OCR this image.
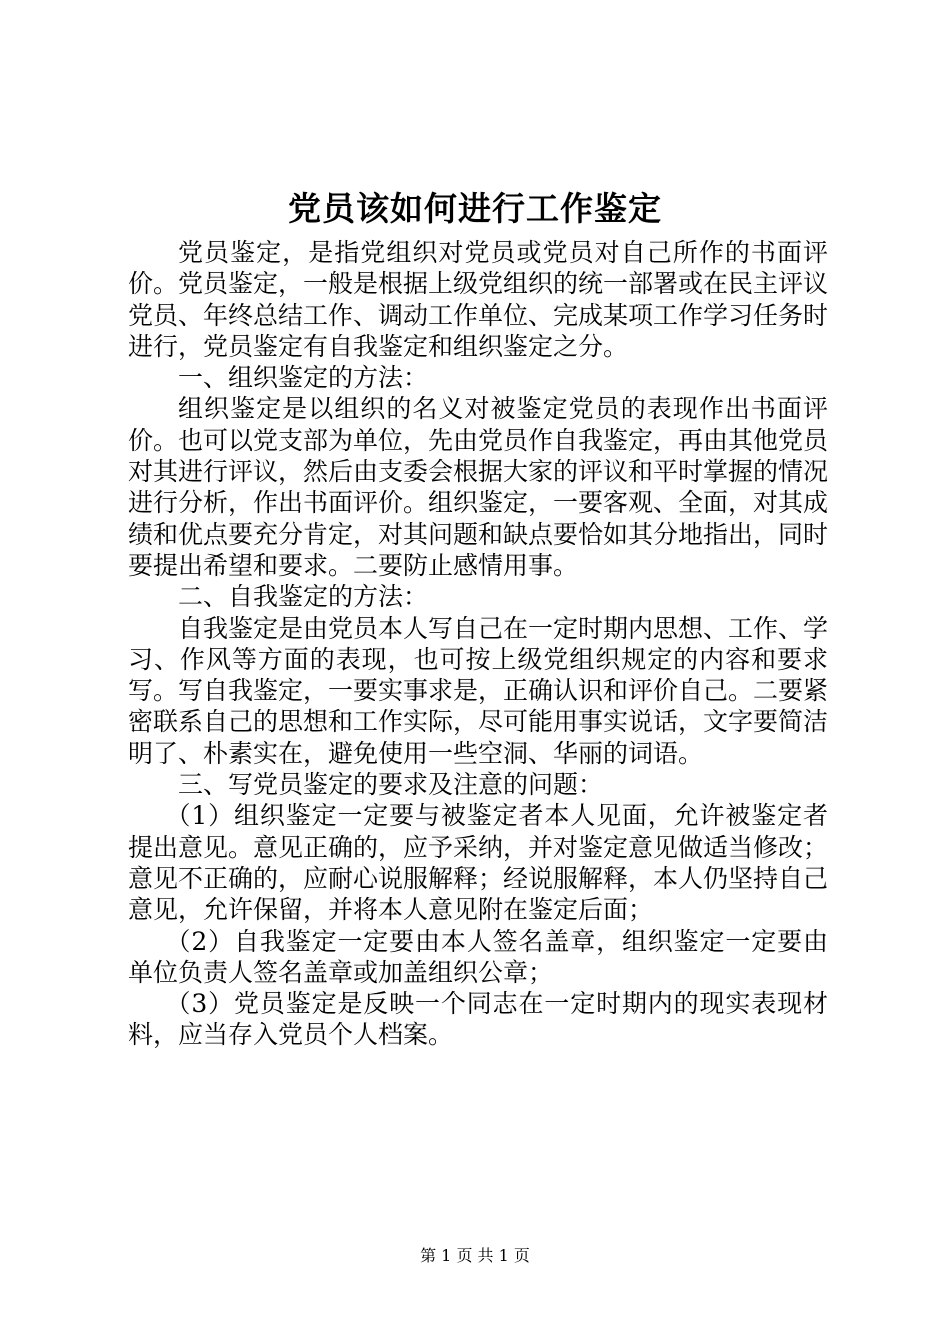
党员该如何进行工作鉴定

党员鉴定，是指党组织对党员或党员对自己所作的书面评价。党员鉴定，一般是根据上级党组织的统一部署或在民主评议党员、年终总结工作、调动工作单位、完成某项工作学习任务时进行，党员鉴定有自我鉴定和组织鉴定之分。

一、组织鉴定的方法：

组织鉴定是以组织的名义对被鉴定党员的表现作出书面评价。也可以党支部为单位，先由党员作自我鉴定，再由其他党员对其进行评议，然后由支委会根据大家的评议和平时掌握的情况进行分析，作出书面评价。组织鉴定，一要客观、全面，对其成绩和优点要充分肯定，对其问题和缺点要恰如其分地指出，同时要提出希望和要求。二要防止感情用事。

二、自我鉴定的方法：

自我鉴定是由党员本人写自己在一定时期内思想、工作、学习、作风等方面的表现，也可按上级党组织规定的内容和要求写。写自我鉴定，一要实事求是，正确认识和评价自己。二要紧密联系自己的思想和工作实际，尽可能用事实说话，文字要简洁明了、朴素实在，避免使用一些空洞、华丽的词语。

三、写党员鉴定的要求及注意的问题：

（1）组织鉴定一定要与被鉴定者本人见面，允许被鉴定者提出意见。意见正确的，应予采纳，并对鉴定意见做适当修改；意见不正确的，应耐心说服解释；经说服解释，本人仍坚持自己意见，允许保留，并将本人意见附在鉴定后面；

（2）自我鉴定一定要由本人签名盖章，组织鉴定一定要由单位负责人签名盖章或加盖组织公章；

（3）党员鉴定是反映一个同志在一定时期内的现实表现材料，应当存入党员个人档案。

第 1 页 共 1 页
